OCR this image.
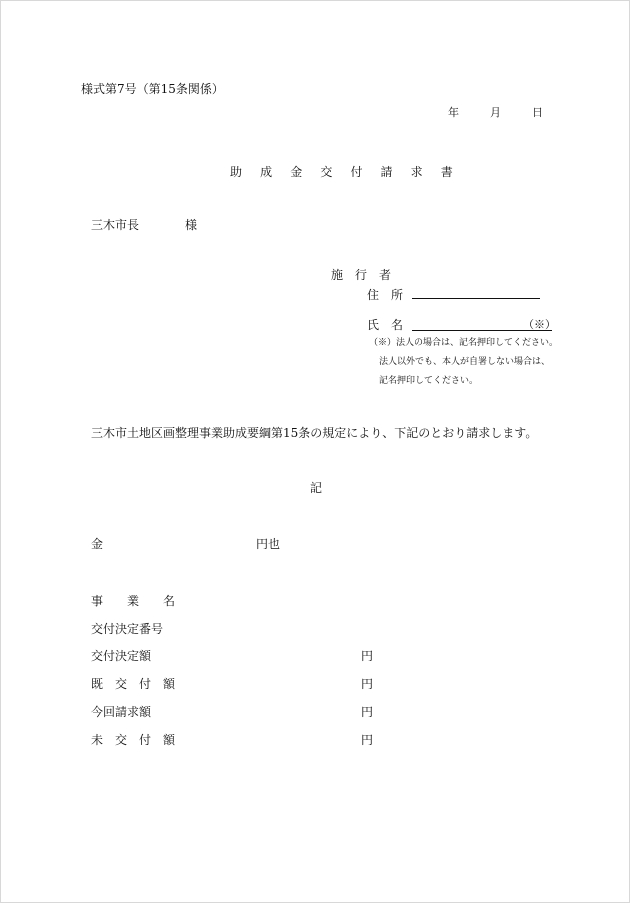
様式第7号（第15条関係）
年	月	日
助 成 金 交 付 請 求 書
三木市長	様
施　行　者
住　所
氏　名	（※）
（※）法人の場合は、記名押印してください。
法人以外でも、本人が自署しない場合は、
記名押印してください。
三木市土地区画整理事業助成要綱第15条の規定により、下記のとおり請求します。
記
金	円也
事　　業　　名
交付決定番号
交付決定額	円
既　交　付　額	円
今回請求額	円
未　交　付　額	円
